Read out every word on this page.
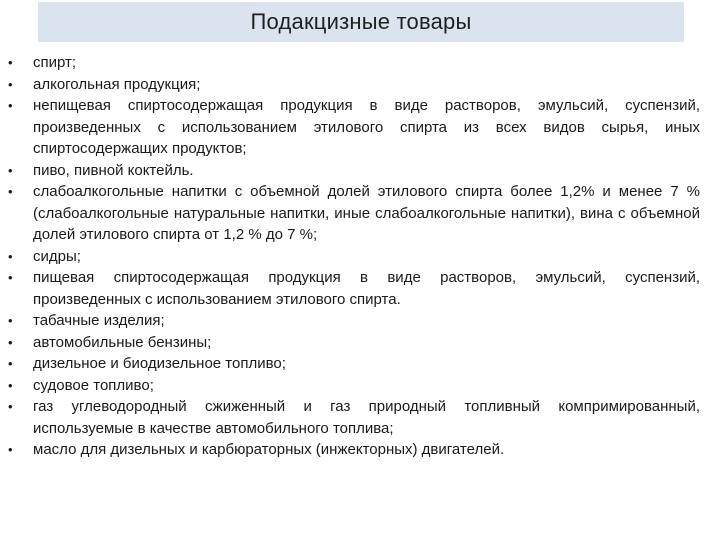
Подакцизные товары
• спирт;
• алкогольная продукция;
• непищевая спиртосодержащая продукция в виде растворов, эмульсий, суспензий, произведенных с использованием этилового спирта из всех видов сырья, иных спиртосодержащих продуктов;
• пиво, пивной коктейль.
• слабоалкогольные напитки с объемной долей этилового спирта более 1,2% и менее 7 % (слабоалкогольные натуральные напитки, иные слабоалкогольные напитки), вина с объемной долей этилового спирта от 1,2 % до 7 %;
• сидры;
• пищевая спиртосодержащая продукция в виде растворов, эмульсий, суспензий, произведенных с использованием этилового спирта.
• табачные изделия;
• автомобильные бензины;
• дизельное и биодизельное топливо;
• судовое топливо;
• газ углеводородный сжиженный и газ природный топливный компримированный, используемые в качестве автомобильного топлива;
• масло для дизельных и карбюраторных (инжекторных) двигателей.
